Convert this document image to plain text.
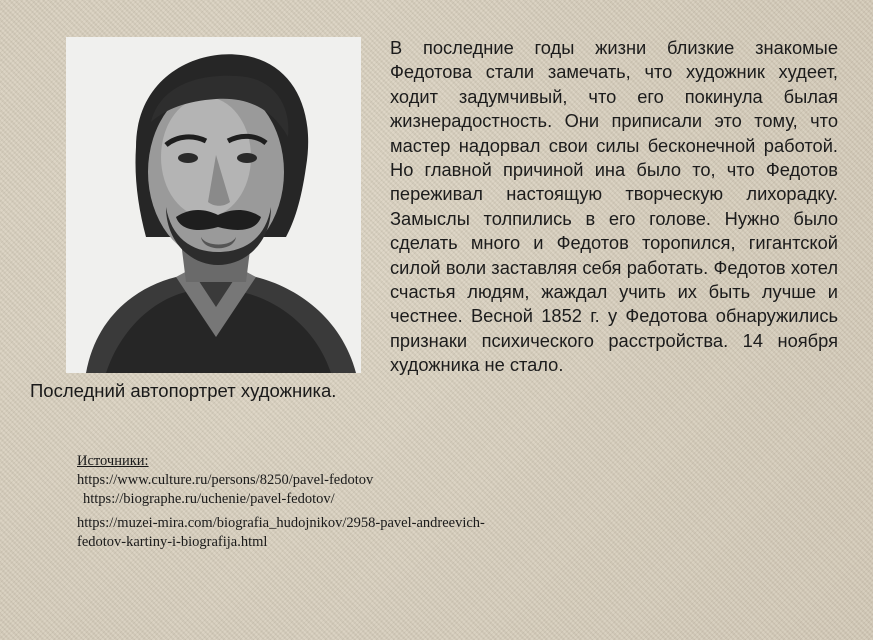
Последний автопортрет художника.
В последние годы жизни близкие знакомые Федотова стали замечать, что художник худеет, ходит задумчивый, что его покинула былая жизнерадостность. Они приписали это тому, что мастер надорвал свои силы бесконечной работой. Но главной причиной ина было то, что Федотов переживал настоящую творческую лихорадку. Замыслы толпились в его голове. Нужно было сделать много и Федотов торопился, гигантской силой воли заставляя себя работать. Федотов хотел счастья людям, жаждал учить их быть лучше и честнее. Весной 1852 г. у Федотова обнаружились признаки психического расстройства. 14 ноября художника не стало.
Источники:
https://www.culture.ru/persons/8250/pavel-fedotov
https://biographe.ru/uchenie/pavel-fedotov/
https://muzei-mira.com/biografia_hudojnikov/2958-pavel-andreevich-fedotov-kartiny-i-biografija.html
